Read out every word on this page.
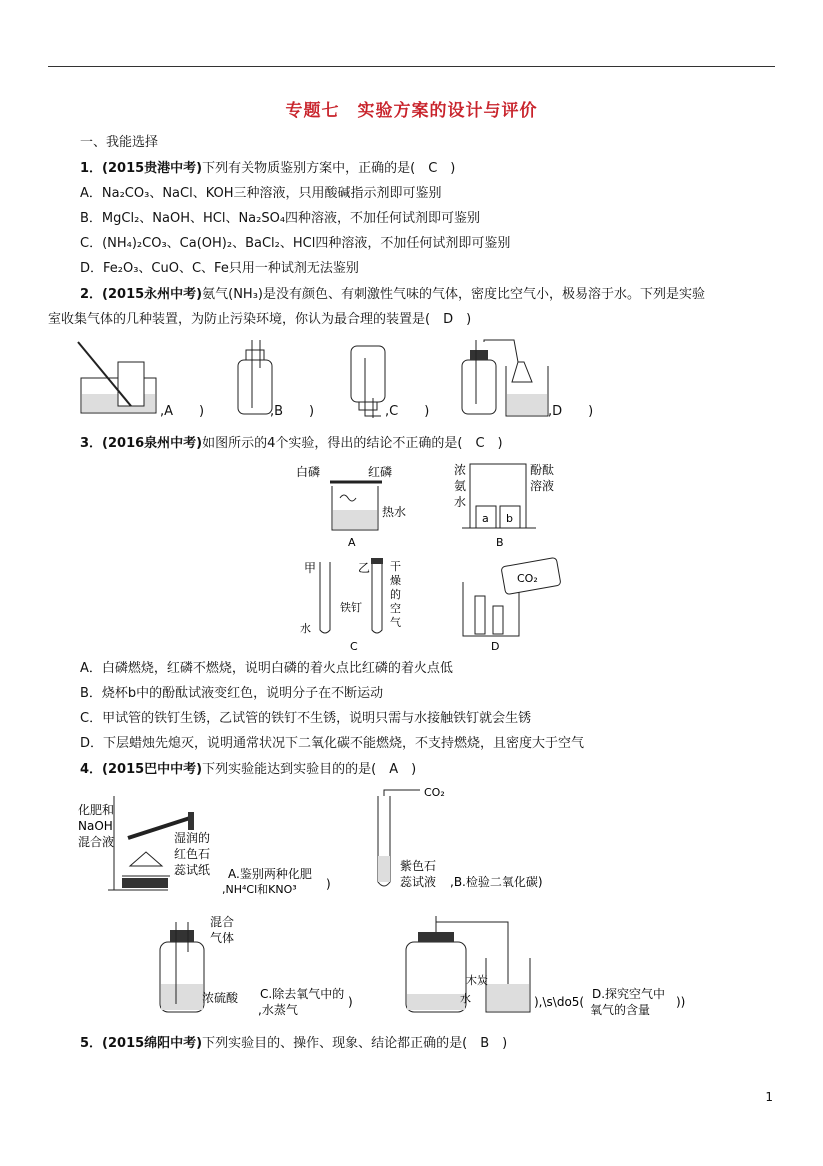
专题七　实验方案的设计与评价
一、我能选择
1．(2015贵港中考)下列有关物质鉴别方案中，正确的是(　C　)
A．Na₂CO₃、NaCl、KOH三种溶液，只用酸碱指示剂即可鉴别
B．MgCl₂、NaOH、HCl、Na₂SO₄四种溶液，不加任何试剂即可鉴别
C．(NH₄)₂CO₃、Ca(OH)₂、BaCl₂、HCl四种溶液，不加任何试剂即可鉴别
D．Fe₂O₃、CuO、C、Fe只用一种试剂无法鉴别
2．(2015永州中考)氨气(NH₃)是没有颜色、有刺激性气味的气体，密度比空气小，极易溶于水。下列是实验
室收集气体的几种装置，为防止污染环境，你认为最合理的装置是(　D　)
,A　　)	,B　　)	,C　　)	,D　　)
3．(2016泉州中考)如图所示的4个实验，得出的结论不正确的是(　C　)
白磷	红磷
热水
A
浓
氨
水
酚酞
溶液
a b
B
甲	乙
铁钉
水
干
燥
的
空
气
C
CO₂
D
A．白磷燃烧，红磷不燃烧，说明白磷的着火点比红磷的着火点低
B．烧杯b中的酚酞试液变红色，说明分子在不断运动
C．甲试管的铁钉生锈，乙试管的铁钉不生锈，说明只需与水接触铁钉就会生锈
D．下层蜡烛先熄灭，说明通常状况下二氧化碳不能燃烧，不支持燃烧，且密度大于空气
4．(2015巴中中考)下列实验能达到实验目的的是(　A　)
化肥和
NaOH
混合液	湿润的
红色石
蕊试纸 A.鉴别两种化肥
,NH⁴Cl和KNO³ )
CO₂
紫色石
蕊试液 ,B.检验二氧化碳)
混合
气体
浓硫酸 C.除去氧气中的
,水蒸气
)
木炭
水	),\s\do5(
D.探究空气中
氧气的含量
))
5．(2015绵阳中考)下列实验目的、操作、现象、结论都正确的是(　B　)
1
